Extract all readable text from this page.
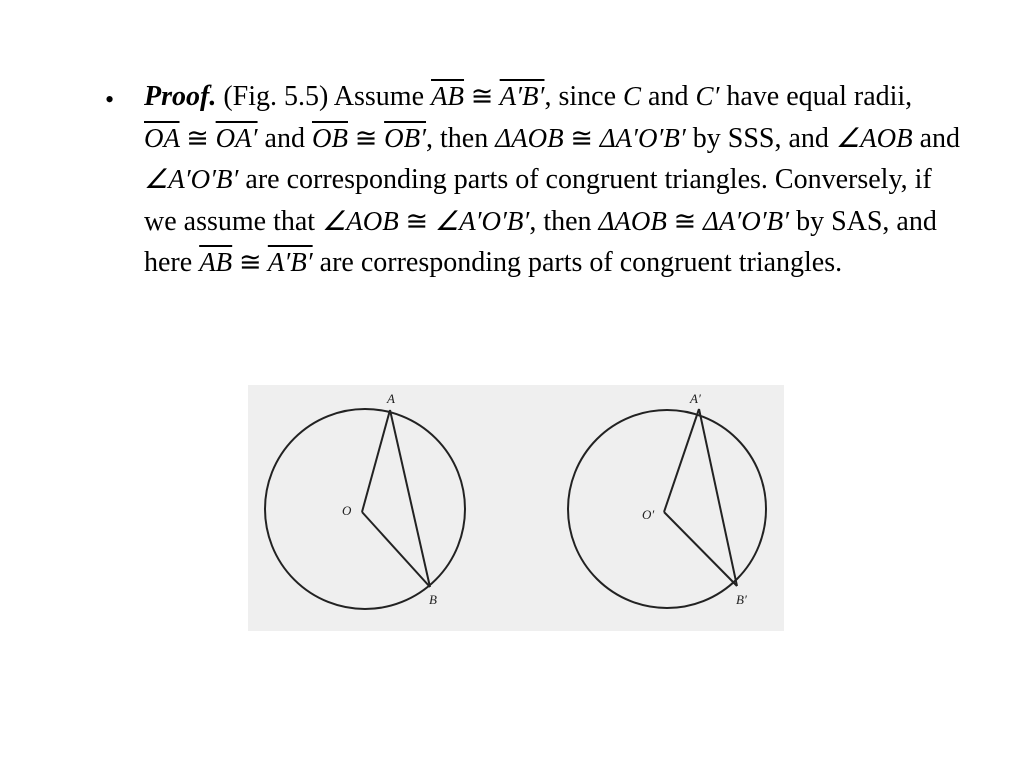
• Proof. (Fig. 5.5) Assume $\overline{AB}$ ≅ A′B′, since C and C′ have equal radii, $\overline{OA}$ ≅ OA′ and $\overline{OB}$ ≅ OB′, then ΔAOB ≅ ΔA′O′B′ by SSS, and ∠AOB and ∠A′O′B′ are corresponding parts of congruent triangles. Conversely, if we assume that ∠AOB ≅ ∠A′O′B′, then ΔAOB ≅ ΔA′O′B′ by SAS, and here $\overline{AB}$ ≅ A′B′ are corresponding parts of congruent triangles.
A
O
B
A′
O′
B′
